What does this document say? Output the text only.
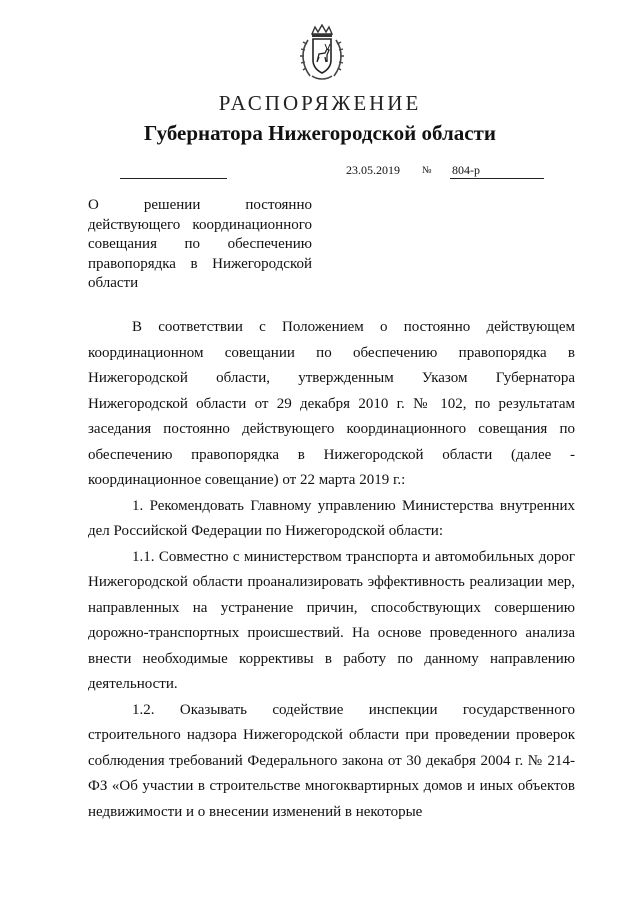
РАСПОРЯЖЕНИЕ
Губернатора Нижегородской области
23.05.2019 № 804-р
О решении постоянно действующего координационного совещания по обеспечению правопорядка в Нижегородской области

В соответствии с Положением о постоянно действующем координационном совещании по обеспечению правопорядка в Нижегородской области, утвержденным Указом Губернатора Нижегородской области от 29 декабря 2010 г. № 102, по результатам заседания постоянно действующего координационного совещания по обеспечению правопорядка в Нижегородской области (далее - координационное совещание) от 22 марта 2019 г.:

1. Рекомендовать Главному управлению Министерства внутренних дел Российской Федерации по Нижегородской области:

1.1. Совместно с министерством транспорта и автомобильных дорог Нижегородской области проанализировать эффективность реализации мер, направленных на устранение причин, способствующих совершению дорожно-транспортных происшествий. На основе проведенного анализа внести необходимые коррективы в работу по данному направлению деятельности.

1.2. Оказывать содействие инспекции государственного строительного надзора Нижегородской области при проведении проверок соблюдения требований Федерального закона от 30 декабря 2004 г. № 214-ФЗ «Об участии в строительстве многоквартирных домов и иных объектов недвижимости и о внесении изменений в некоторые
